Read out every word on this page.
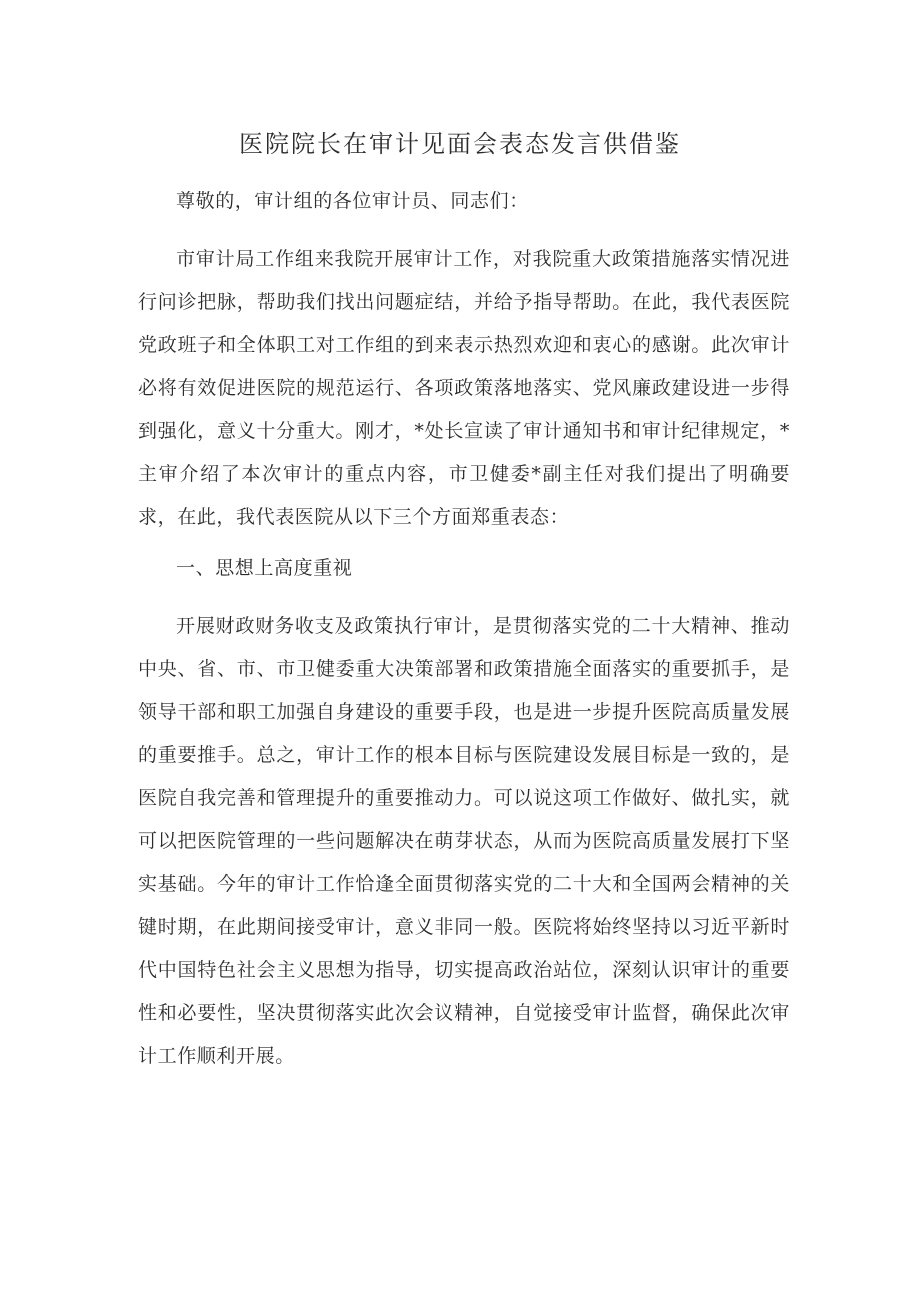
医院院长在审计见面会表态发言供借鉴

尊敬的，审计组的各位审计员、同志们：

市审计局工作组来我院开展审计工作，对我院重大政策措施落实情况进行问诊把脉，帮助我们找出问题症结，并给予指导帮助。在此，我代表医院党政班子和全体职工对工作组的到来表示热烈欢迎和衷心的感谢。此次审计必将有效促进医院的规范运行、各项政策落地落实、党风廉政建设进一步得到强化，意义十分重大。刚才，*处长宣读了审计通知书和审计纪律规定，*主审介绍了本次审计的重点内容，市卫健委*副主任对我们提出了明确要求，在此，我代表医院从以下三个方面郑重表态：

一、思想上高度重视

开展财政财务收支及政策执行审计，是贯彻落实党的二十大精神、推动中央、省、市、市卫健委重大决策部署和政策措施全面落实的重要抓手，是领导干部和职工加强自身建设的重要手段，也是进一步提升医院高质量发展的重要推手。总之，审计工作的根本目标与医院建设发展目标是一致的，是医院自我完善和管理提升的重要推动力。可以说这项工作做好、做扎实，就可以把医院管理的一些问题解决在萌芽状态，从而为医院高质量发展打下坚实基础。今年的审计工作恰逢全面贯彻落实党的二十大和全国两会精神的关键时期，在此期间接受审计，意义非同一般。医院将始终坚持以习近平新时代中国特色社会主义思想为指导，切实提高政治站位，深刻认识审计的重要性和必要性，坚决贯彻落实此次会议精神，自觉接受审计监督，确保此次审计工作顺利开展。
